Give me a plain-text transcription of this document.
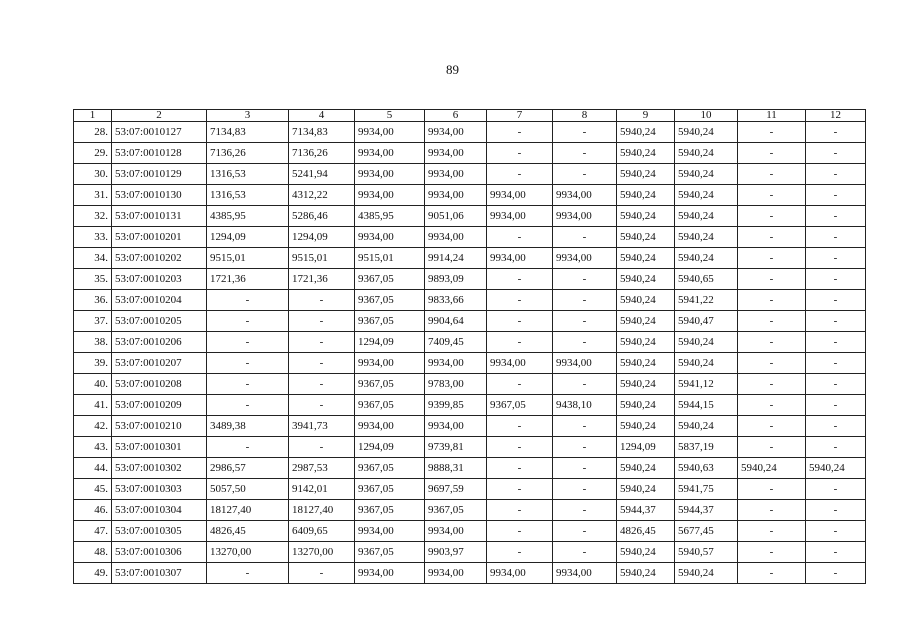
89
1	2	3	4	5	6	7	8	9	10	11	12
28.	53:07:0010127	7134,83	7134,83	9934,00	9934,00	-	-	5940,24	5940,24	-	-
29.	53:07:0010128	7136,26	7136,26	9934,00	9934,00	-	-	5940,24	5940,24	-	-
30.	53:07:0010129	1316,53	5241,94	9934,00	9934,00	-	-	5940,24	5940,24	-	-
31.	53:07:0010130	1316,53	4312,22	9934,00	9934,00	9934,00	9934,00	5940,24	5940,24	-	-
32.	53:07:0010131	4385,95	5286,46	4385,95	9051,06	9934,00	9934,00	5940,24	5940,24	-	-
33.	53:07:0010201	1294,09	1294,09	9934,00	9934,00	-	-	5940,24	5940,24	-	-
34.	53:07:0010202	9515,01	9515,01	9515,01	9914,24	9934,00	9934,00	5940,24	5940,24	-	-
35.	53:07:0010203	1721,36	1721,36	9367,05	9893,09	-	-	5940,24	5940,65	-	-
36.	53:07:0010204	-	-	9367,05	9833,66	-	-	5940,24	5941,22	-	-
37.	53:07:0010205	-	-	9367,05	9904,64	-	-	5940,24	5940,47	-	-
38.	53:07:0010206	-	-	1294,09	7409,45	-	-	5940,24	5940,24	-	-
39.	53:07:0010207	-	-	9934,00	9934,00	9934,00	9934,00	5940,24	5940,24	-	-
40.	53:07:0010208	-	-	9367,05	9783,00	-	-	5940,24	5941,12	-	-
41.	53:07:0010209	-	-	9367,05	9399,85	9367,05	9438,10	5940,24	5944,15	-	-
42.	53:07:0010210	3489,38	3941,73	9934,00	9934,00	-	-	5940,24	5940,24	-	-
43.	53:07:0010301	-	-	1294,09	9739,81	-	-	1294,09	5837,19	-	-
44.	53:07:0010302	2986,57	2987,53	9367,05	9888,31	-	-	5940,24	5940,63	5940,24	5940,24
45.	53:07:0010303	5057,50	9142,01	9367,05	9697,59	-	-	5940,24	5941,75	-	-
46.	53:07:0010304	18127,40	18127,40	9367,05	9367,05	-	-	5944,37	5944,37	-	-
47.	53:07:0010305	4826,45	6409,65	9934,00	9934,00	-	-	4826,45	5677,45	-	-
48.	53:07:0010306	13270,00	13270,00	9367,05	9903,97	-	-	5940,24	5940,57	-	-
49.	53:07:0010307	-	-	9934,00	9934,00	9934,00	9934,00	5940,24	5940,24	-	-
